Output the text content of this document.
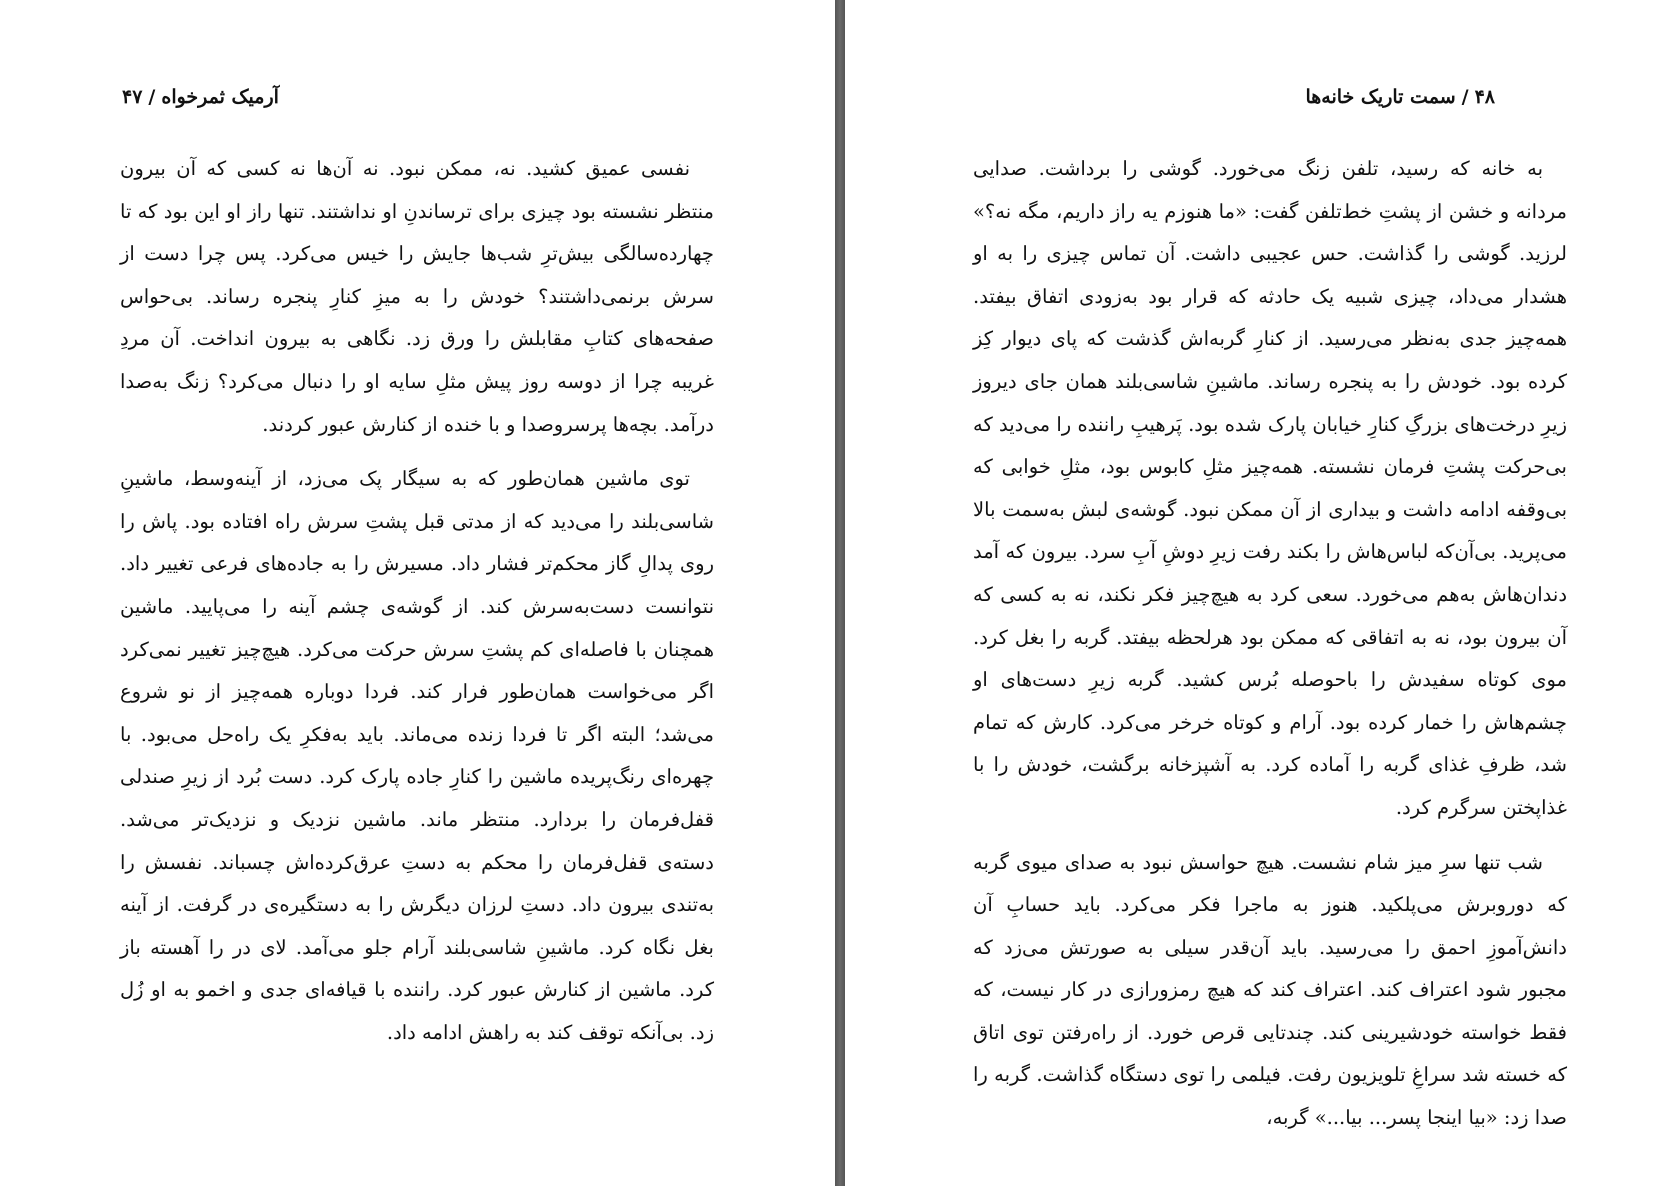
آرمیک ثمرخواه/۴۷

نفسی عمیق کشید. نه، ممکن نبود. نه آن‌ها نه کسی که آن بیرون منتظر نشسته بود چیزی برای ترساندنِ او نداشتند. تنها راز او این بود که تا چهارده‌سالگی بیش‌ترِ شب‌ها جایش را خیس می‌کرد. پس چرا دست از سرش برنمی‌داشتند؟ خودش را به میزِ کنارِ پنجره رساند. بی‌حواس صفحه‌های کتابِ مقابلش را ورق زد. نگاهی به بیرون انداخت. آن مردِ غریبه چرا از دوسه روز پیش مثلِ سایه او را دنبال می‌کرد؟ زنگ به‌صدا درآمد. بچه‌ها پرسروصدا و با خنده از کنارش عبور کردند.

توی ماشین همان‌طور که به سیگار پک می‌زد، از آینه‌وسط، ماشینِ شاسی‌بلند را می‌دید که از مدتی قبل پشتِ سرش راه افتاده بود. پاش را روی پدالِ گاز محکم‌تر فشار داد. مسیرش را به جاده‌های فرعی تغییر داد. نتوانست دست‌به‌سرش کند. از گوشه‌ی چشم آینه را می‌پایید. ماشین همچنان با فاصله‌ای کم پشتِ سرش حرکت می‌کرد. هیچ‌چیز تغییر نمی‌کرد اگر می‌خواست همان‌طور فرار کند. فردا دوباره همه‌چیز از نو شروع می‌شد؛ البته اگر تا فردا زنده می‌ماند. باید به‌فکرِ یک راه‌حل می‌بود. با چهره‌ای رنگ‌پریده ماشین را کنارِ جاده پارک کرد. دست بُرد از زیرِ صندلی قفل‌فرمان را بردارد. منتظر ماند. ماشین نزدیک و نزدیک‌تر می‌شد. دسته‌ی قفل‌فرمان را محکم به دستِ عرق‌کرده‌اش چسباند. نفسش را به‌تندی بیرون داد. دستِ لرزان دیگرش را به دستگیره‌ی در گرفت. از آینه بغل نگاه کرد. ماشینِ شاسی‌بلند آرام جلو می‌آمد. لای در را آهسته باز کرد. ماشین از کنارش عبور کرد. راننده با قیافه‌ای جدی و اخمو به او زُل زد. بی‌آنکه توقف کند به راهش ادامه داد.

۴۸/سمت تاریک خانه‌ها

به خانه که رسید، تلفن زنگ می‌خورد. گوشی را برداشت. صدایی مردانه و خشن از پشتِ خط‌تلفن گفت: «ما هنوزم یه راز داریم، مگه نه؟» لرزید. گوشی را گذاشت. حس عجیبی داشت. آن تماس چیزی را به او هشدار می‌داد، چیزی شبیه یک حادثه که قرار بود به‌زودی اتفاق بیفتد. همه‌چیز جدی به‌نظر می‌رسید. از کنارِ گربه‌اش گذشت که پای دیوار کِز کرده بود. خودش را به پنجره رساند. ماشینِ شاسی‌بلند همان جای دیروز زیرِ درخت‌های بزرگِ کنارِ خیابان پارک شده بود. پَرهیبِ راننده را می‌دید که بی‌حرکت پشتِ فرمان نشسته. همه‌چیز مثلِ کابوس بود، مثلِ خوابی که بی‌وقفه ادامه داشت و بیداری از آن ممکن نبود. گوشه‌ی لبش به‌سمت بالا می‌پرید. بی‌آن‌که لباس‌هاش را بکند رفت زیرِ دوشِ آبِ سرد. بیرون که آمد دندان‌هاش به‌هم می‌خورد. سعی کرد به هیچ‌چیز فکر نکند، نه به کسی که آن بیرون بود، نه به اتفاقی که ممکن بود هرلحظه بیفتد. گربه را بغل کرد. موی کوتاه سفیدش را باحوصله بُرس کشید. گربه زیرِ دست‌های او چشم‌هاش را خمار کرده بود. آرام و کوتاه خرخر می‌کرد. کارش که تمام شد، ظرفِ غذای گربه را آماده کرد. به آشپزخانه برگشت، خودش را با غذاپختن سرگرم کرد.

شب تنها سرِ میز شام نشست. هیچ حواسش نبود به صدای میوی گربه که دوروبرش می‌پلکید. هنوز به ماجرا فکر می‌کرد. باید حسابِ آن دانش‌آموزِ احمق را می‌رسید. باید آن‌قدر سیلی به صورتش می‌زد که مجبور شود اعتراف کند. اعتراف کند که هیچ رمزورازی در کار نیست، که فقط خواسته خودشیرینی کند. چندتایی قرص خورد. از راه‌رفتن توی اتاق که خسته شد سراغِ تلویزیون رفت. فیلمی را توی دستگاه گذاشت. گربه را صدا زد: «بیا اینجا پسر... بیا...» گربه،
